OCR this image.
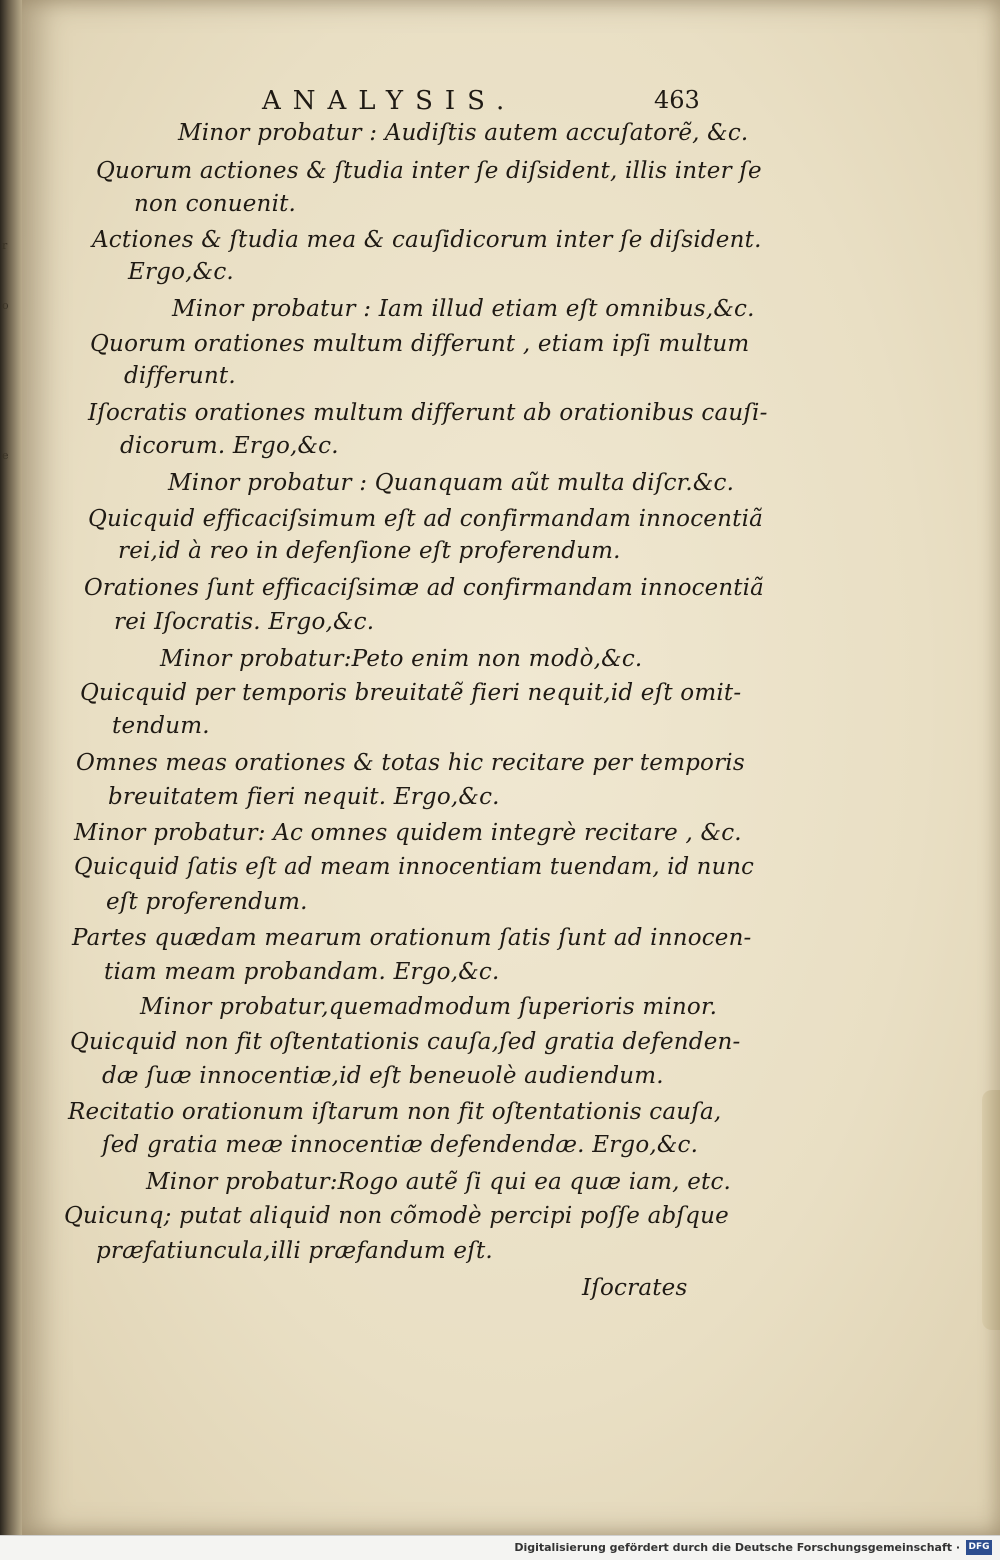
r
o
e
ANALYSIS.	463

Minor probatur : Audiſtis autem accuſatorẽ, &c.

Quorum actiones & ſtudia inter ſe diſsident, illis inter ſe

non conuenit.

Actiones & ſtudia mea & cauſidicorum inter ſe diſsident.

Ergo,&c.

Minor probatur : Iam illud etiam eſt omnibus,&c.

Quorum orationes multum differunt , etiam ipſi multum

differunt.

Iſocratis orationes multum differunt ab orationibus cauſi-

dicorum. Ergo,&c.

Minor probatur : Quanquam aũt multa diſcr.&c.

Quicquid efficaciſsimum eſt ad confirmandam innocentiã

rei,id à reo in defenſione eſt proferendum.

Orationes ſunt efficaciſsimæ ad confirmandam innocentiã

rei Iſocratis. Ergo,&c.

Minor probatur:Peto enim non modò,&c.

Quicquid per temporis breuitatẽ fieri nequit,id eſt omit-

tendum.

Omnes meas orationes & totas hic recitare per temporis

breuitatem fieri nequit. Ergo,&c.

Minor probatur: Ac omnes quidem integrè recitare , &c.

Quicquid ſatis eſt ad meam innocentiam tuendam, id nunc

eſt proferendum.

Partes quædam mearum orationum ſatis ſunt ad innocen-

tiam meam probandam. Ergo,&c.

Minor probatur,quemadmodum ſuperioris minor.

Quicquid non fit oſtentationis cauſa,ſed gratia defenden-

dæ ſuæ innocentiæ,id eſt beneuolè audiendum.

Recitatio orationum iſtarum non fit oſtentationis cauſa,

ſed gratia meæ innocentiæ defendendæ. Ergo,&c.

Minor probatur:Rogo autẽ ſi qui ea quæ iam, etc.

Quicunq; putat aliquid non cõmodè percipi poſſe abſque

præfatiuncula,illi præfandum eſt.

Iſocrates

Digitalisierung gefördert durch die Deutsche Forschungsgemeinschaft · DFG
